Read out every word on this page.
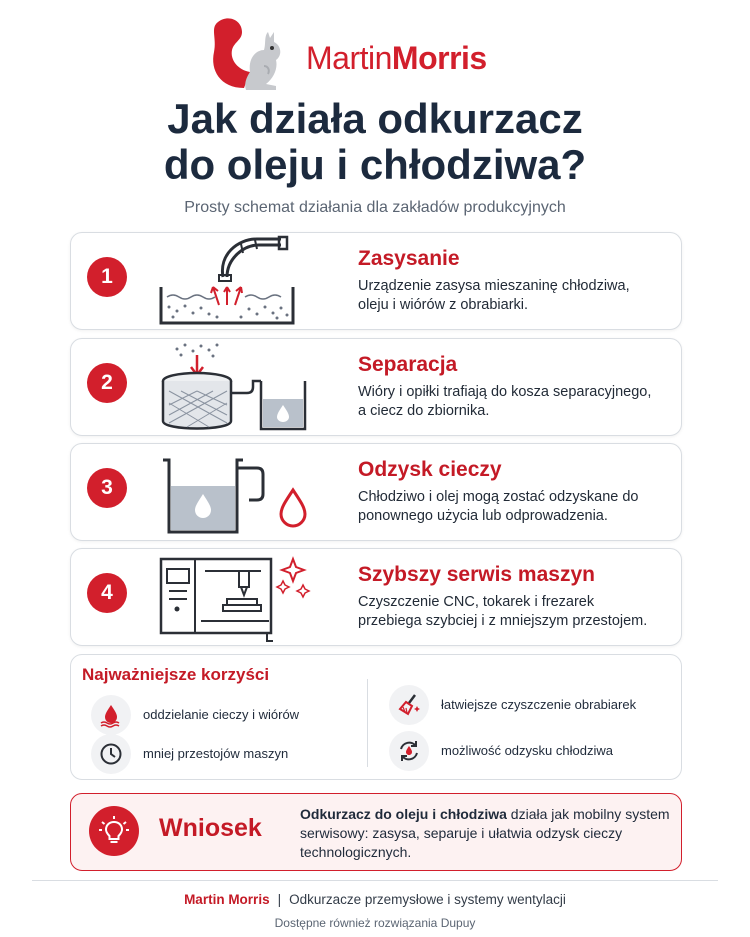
MartinMorris
Jak działa odkurzacz
do oleju i chłodziwa?
Prosty schemat działania dla zakładów produkcyjnych
1
Zasysanie
Urządzenie zasysa mieszaninę chłodziwa, oleju i wiórów z obrabiarki.
2
Separacja
Wióry i opiłki trafiają do kosza separacyjnego, a ciecz do zbiornika.
3
Odzysk cieczy
Chłodziwo i olej mogą zostać odzyskane do ponownego użycia lub odprowadzenia.
4
Szybszy serwis maszyn
Czyszczenie CNC, tokarek i frezarek przebiega szybciej i z mniejszym przestojem.
Najważniejsze korzyści
oddzielanie cieczy i wiórów
mniej przestojów maszyn
łatwiejsze czyszczenie obrabiarek
możliwość odzysku chłodziwa
Wniosek	Odkurzacz do oleju i chłodziwa działa jak mobilny system serwisowy: zasysa, separuje i ułatwia odzysk cieczy technologicznych.
Martin Morris | Odkurzacze przemysłowe i systemy wentylacji
Dostępne również rozwiązania Dupuy
